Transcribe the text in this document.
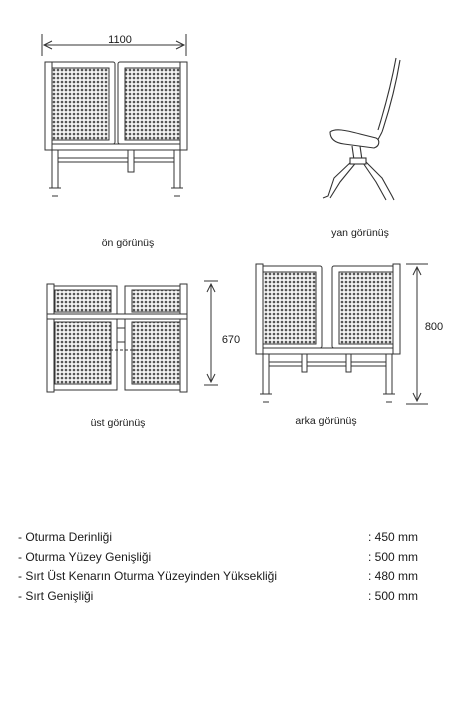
1100
ön görünüş
yan görünüş
670
üst görünüş
800
arka görünüş
- Oturma Derinliği	: 450 mm
- Oturma Yüzey Genişliği	: 500 mm
- Sırt Üst Kenarın Oturma Yüzeyinden Yüksekliği	: 480 mm
- Sırt Genişliği	: 500 mm
